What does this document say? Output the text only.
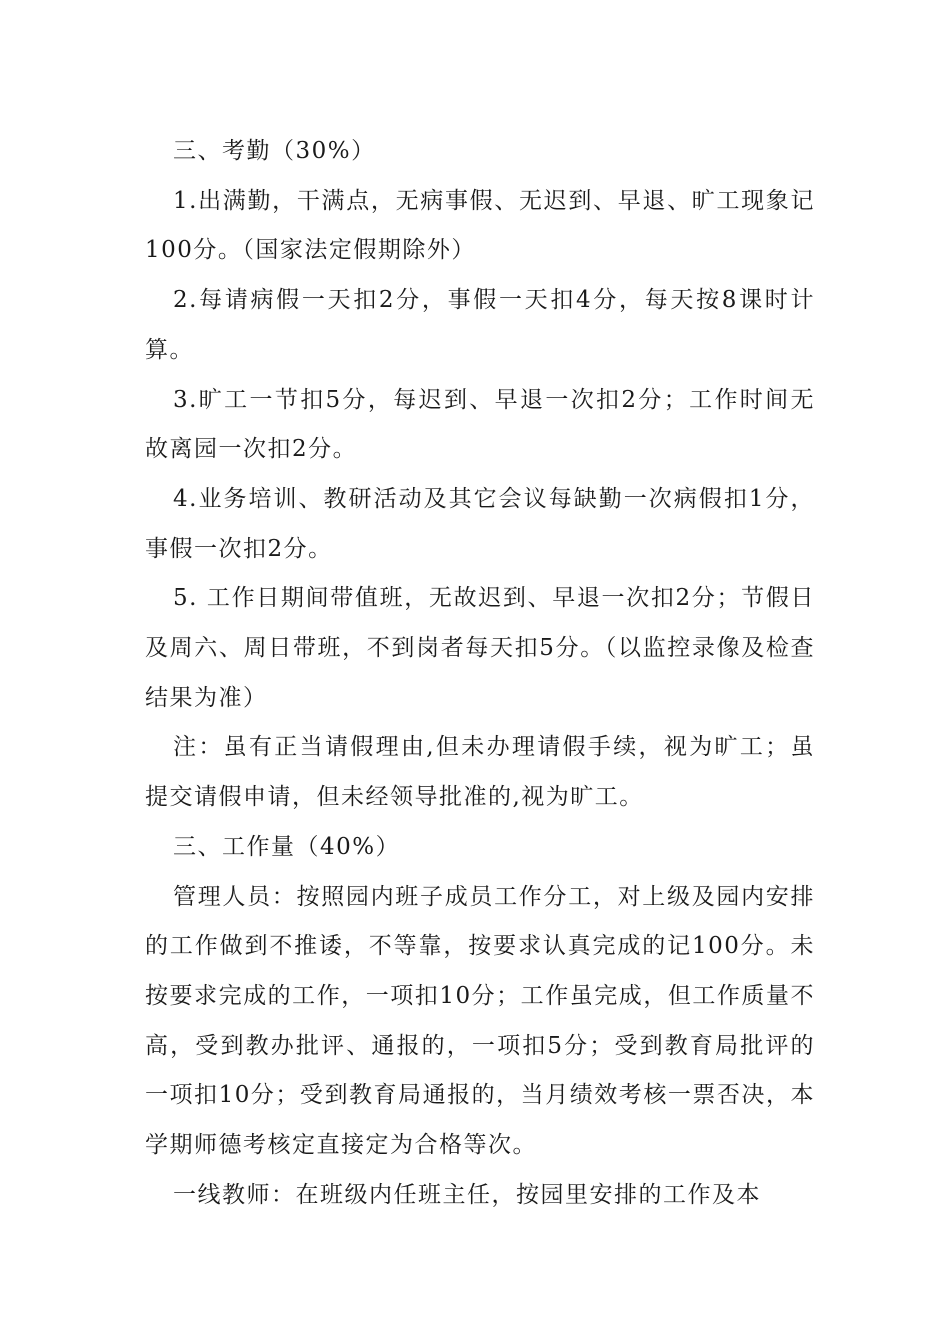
三、考勤（30%）

1.出满勤，干满点，无病事假、无迟到、早退、旷工现象记100分。（国家法定假期除外）

2.每请病假一天扣2分，事假一天扣4分，每天按8课时计算。

3.旷工一节扣5分，每迟到、早退一次扣2分；工作时间无故离园一次扣2分。

4.业务培训、教研活动及其它会议每缺勤一次病假扣1分，事假一次扣2分。

5. 工作日期间带值班，无故迟到、早退一次扣2分；节假日及周六、周日带班，不到岗者每天扣5分。（以监控录像及检查结果为准）

注：虽有正当请假理由,但未办理请假手续，视为旷工；虽提交请假申请，但未经领导批准的,视为旷工。

三、工作量（40%）

管理人员：按照园内班子成员工作分工，对上级及园内安排的工作做到不推诿，不等靠，按要求认真完成的记100分。未按要求完成的工作，一项扣10分；工作虽完成，但工作质量不高，受到教办批评、通报的，一项扣5分；受到教育局批评的一项扣10分；受到教育局通报的，当月绩效考核一票否决，本学期师德考核定直接定为合格等次。

一线教师：在班级内任班主任，按园里安排的工作及本
